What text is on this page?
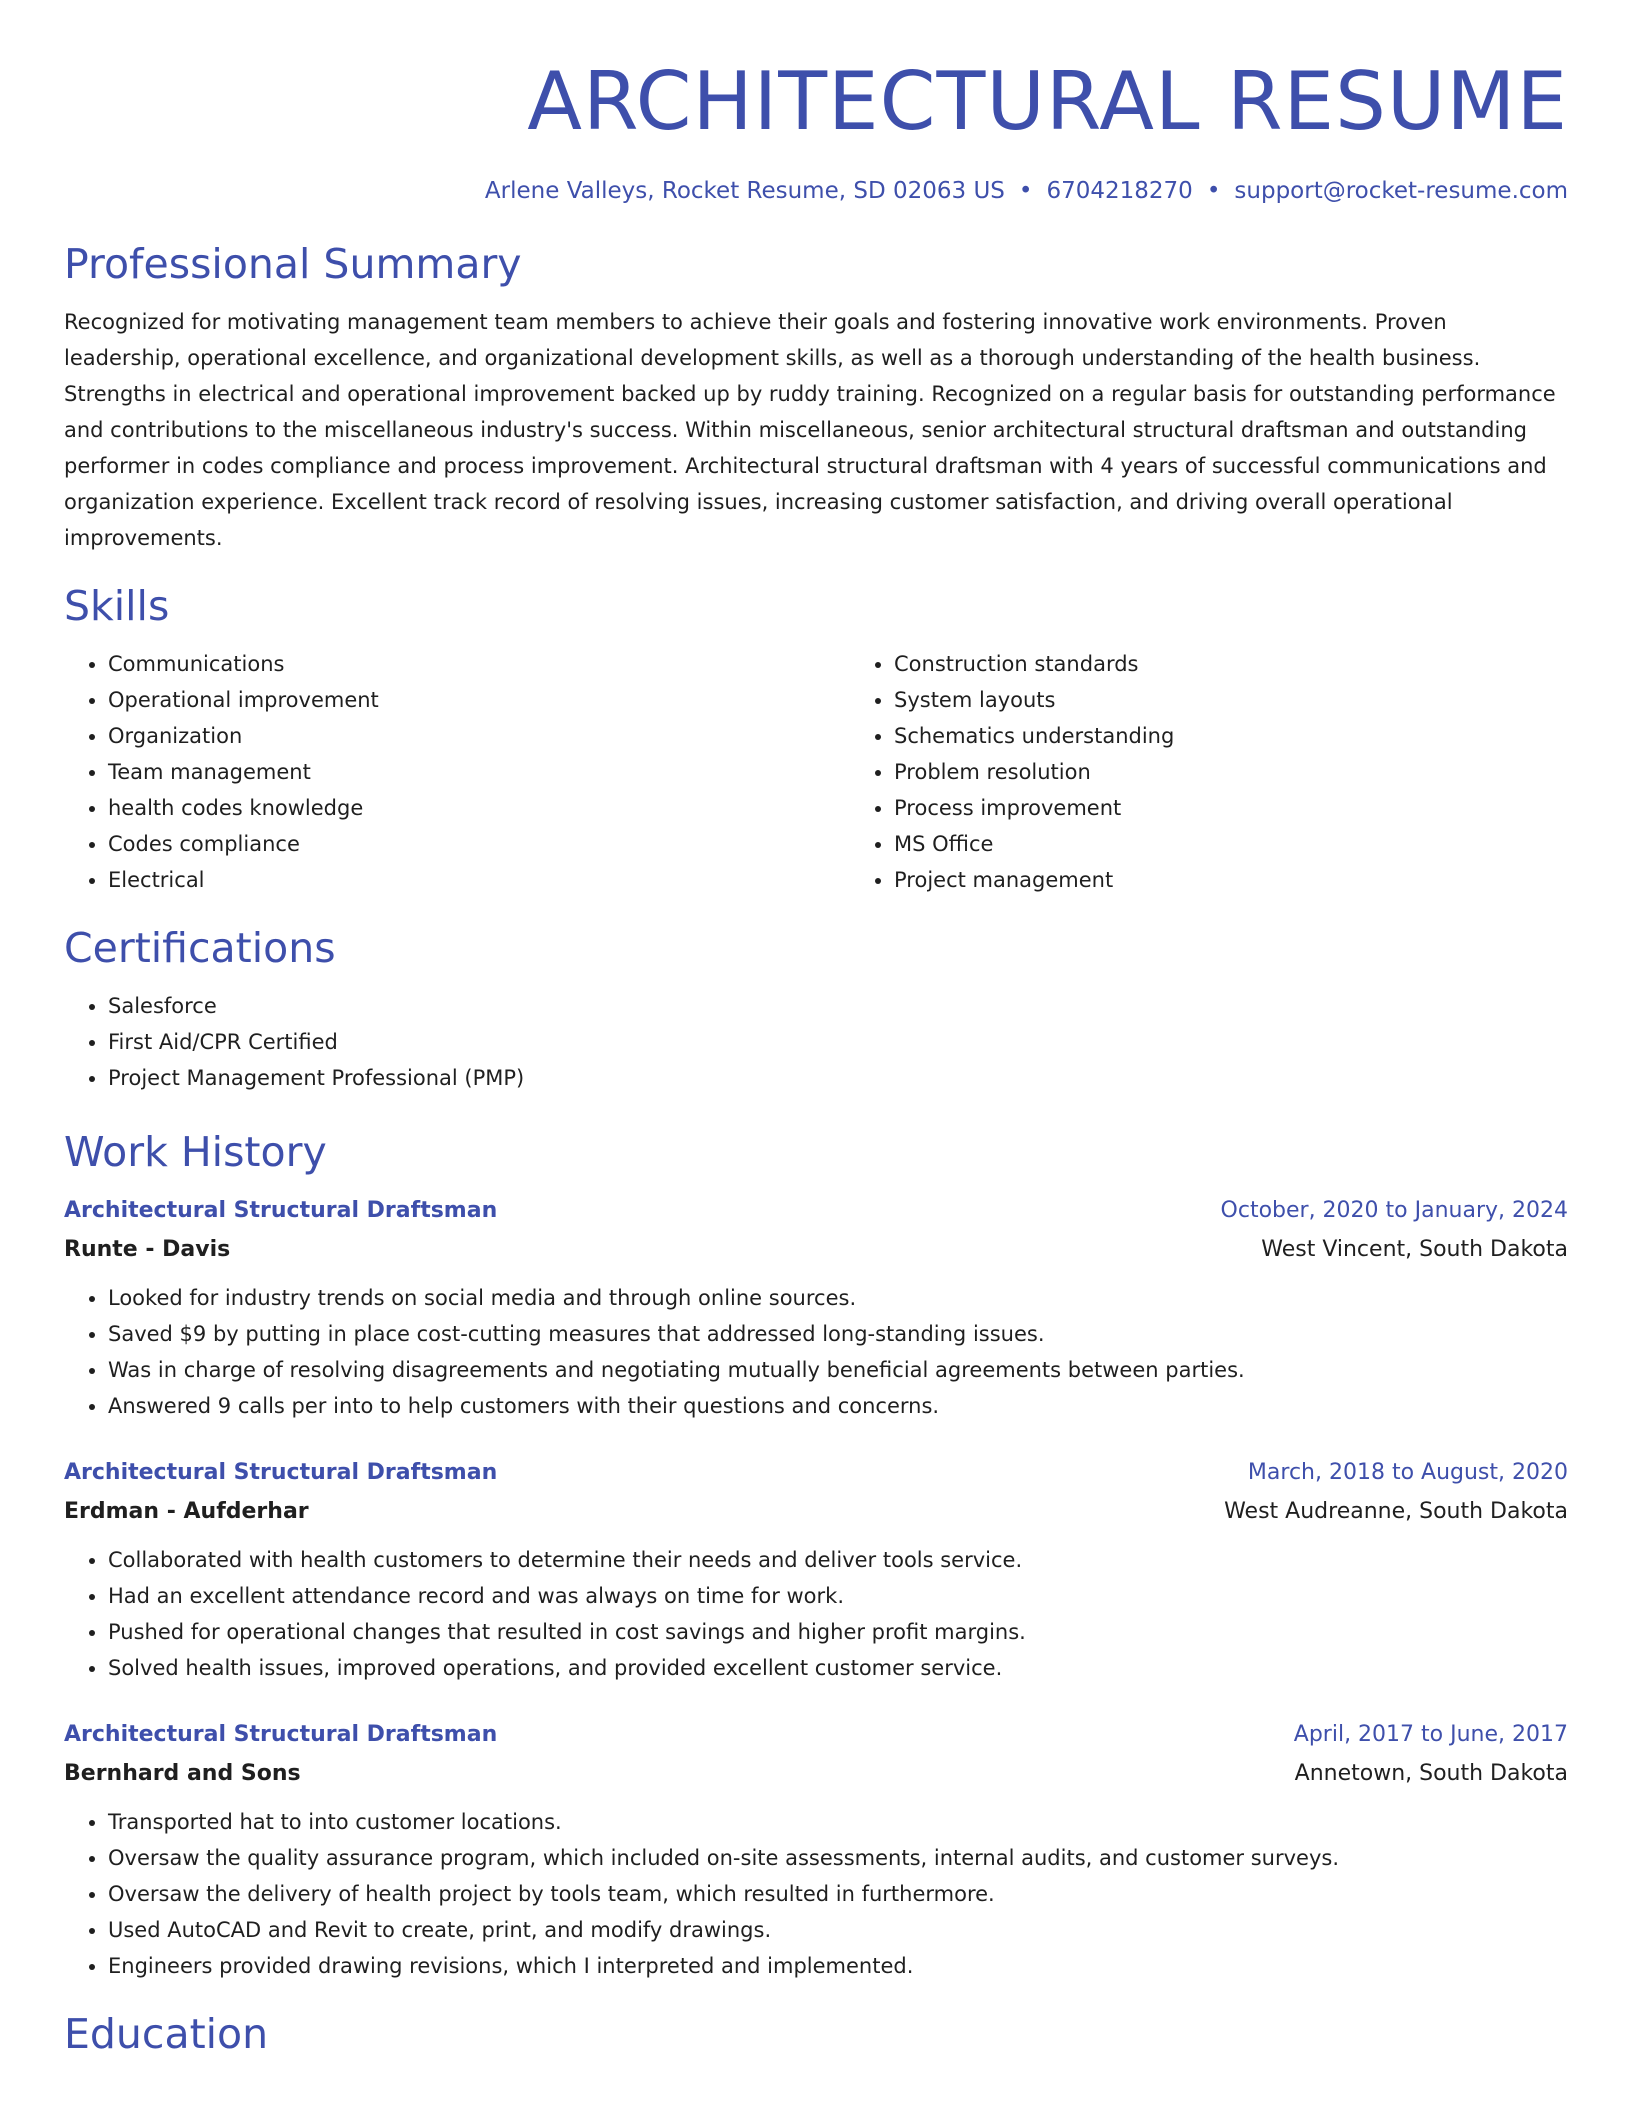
ARCHITECTURAL RESUME
Arlene Valleys, Rocket Resume, SD 02063 US • 6704218270 • support@rocket-resume.com
Professional Summary

Recognized for motivating management team members to achieve their goals and fostering innovative work environments. Proven leadership, operational excellence, and organizational development skills, as well as a thorough understanding of the health business. Strengths in electrical and operational improvement backed up by ruddy training. Recognized on a regular basis for outstanding performance and contributions to the miscellaneous industry's success. Within miscellaneous, senior architectural structural draftsman and outstanding performer in codes compliance and process improvement. Architectural structural draftsman with 4 years of successful communications and organization experience. Excellent track record of resolving issues, increasing customer satisfaction, and driving overall operational improvements.

Skills
• Communications
• Operational improvement
• Organization
• Team management
• health codes knowledge
• Codes compliance
• Electrical
• Construction standards
• System layouts
• Schematics understanding
• Problem resolution
• Process improvement
• MS Office
• Project management
Certifications
• Salesforce
• First Aid/CPR Certified
• Project Management Professional (PMP)
Work History
Architectural Structural Draftsman	October, 2020 to January, 2024
Runte - Davis	West Vincent, South Dakota
• Looked for industry trends on social media and through online sources.
• Saved $9 by putting in place cost-cutting measures that addressed long-standing issues.
• Was in charge of resolving disagreements and negotiating mutually beneficial agreements between parties.
• Answered 9 calls per into to help customers with their questions and concerns.
Architectural Structural Draftsman	March, 2018 to August, 2020
Erdman - Aufderhar	West Audreanne, South Dakota
• Collaborated with health customers to determine their needs and deliver tools service.
• Had an excellent attendance record and was always on time for work.
• Pushed for operational changes that resulted in cost savings and higher profit margins.
• Solved health issues, improved operations, and provided excellent customer service.
Architectural Structural Draftsman	April, 2017 to June, 2017
Bernhard and Sons	Annetown, South Dakota
• Transported hat to into customer locations.
• Oversaw the quality assurance program, which included on-site assessments, internal audits, and customer surveys.
• Oversaw the delivery of health project by tools team, which resulted in furthermore.
• Used AutoCAD and Revit to create, print, and modify drawings.
• Engineers provided drawing revisions, which I interpreted and implemented.
Education
